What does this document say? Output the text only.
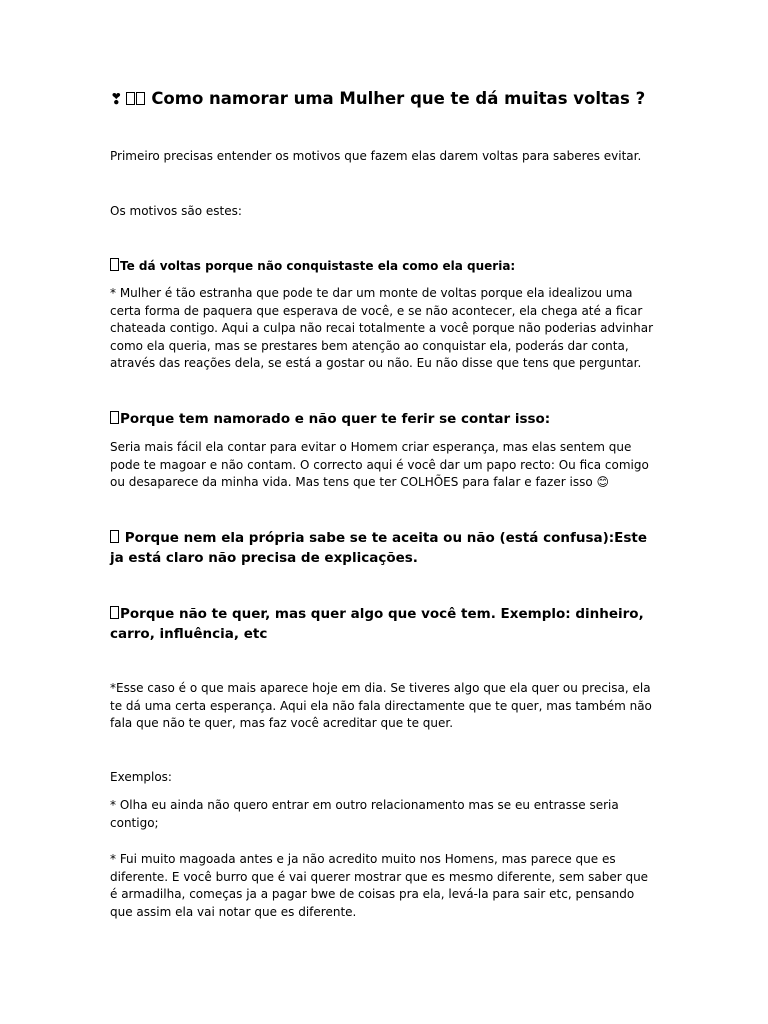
❣ Como namorar uma Mulher que te dá muitas voltas ?
Primeiro precisas entender os motivos que fazem elas darem voltas para saberes evitar.
Os motivos são estes:
Te dá voltas porque não conquistaste ela como ela queria:
* Mulher é tão estranha que pode te dar um monte de voltas porque ela idealizou uma certa forma de paquera que esperava de você, e se não acontecer, ela chega até a ficar chateada contigo. Aqui a culpa não recai totalmente a você porque não poderias advinhar como ela queria, mas se prestares bem atenção ao conquistar ela, poderás dar conta, através das reações dela, se está a gostar ou não. Eu não disse que tens que perguntar.
Porque tem namorado e não quer te ferir se contar isso:
Seria mais fácil ela contar para evitar o Homem criar esperança, mas elas sentem que pode te magoar e não contam. O correcto aqui é você dar um papo recto: Ou fica comigo ou desaparece da minha vida. Mas tens que ter COLHÕES para falar e fazer isso 😊
Porque nem ela própria sabe se te aceita ou não (está confusa):Este ja está claro não precisa de explicações.
Porque não te quer, mas quer algo que você tem. Exemplo: dinheiro, carro, influência, etc
*Esse caso é o que mais aparece hoje em dia. Se tiveres algo que ela quer ou precisa, ela te dá uma certa esperança. Aqui ela não fala directamente que te quer, mas também não fala que não te quer, mas faz você acreditar que te quer.
Exemplos:
* Olha eu ainda não quero entrar em outro relacionamento mas se eu entrasse seria contigo;
* Fui muito magoada antes e ja não acredito muito nos Homens, mas parece que es diferente. E você burro que é vai querer mostrar que es mesmo diferente, sem saber que é armadilha, começas ja a pagar bwe de coisas pra ela, levá-la para sair etc, pensando que assim ela vai notar que es diferente.
